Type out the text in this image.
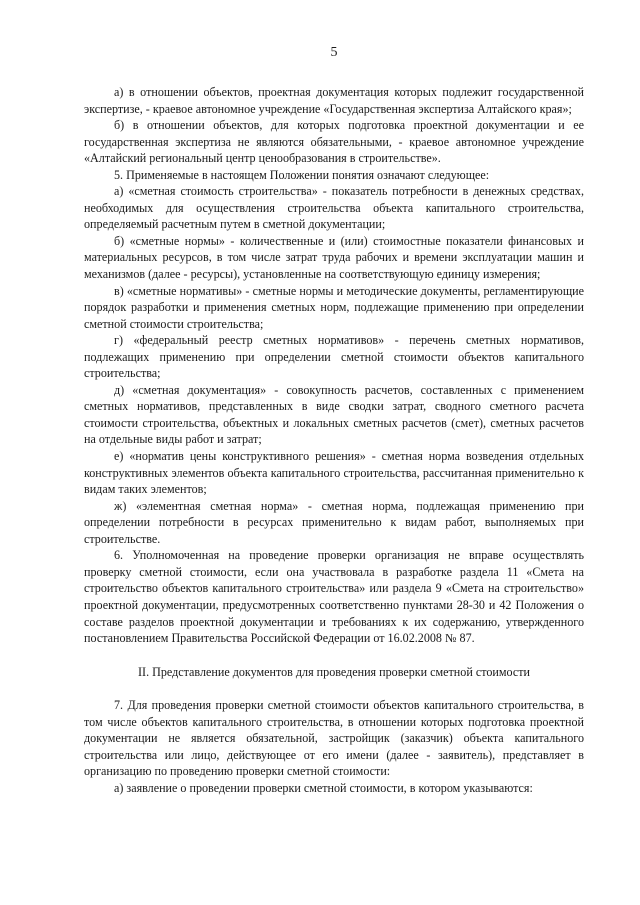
5

а) в отношении объектов, проектная документация которых подлежит государственной экспертизе, - краевое автономное учреждение «Государственная экспертиза Алтайского края»;

б) в отношении объектов, для которых подготовка проектной документации и ее государственная экспертиза не являются обязательными, - краевое автономное учреждение «Алтайский региональный центр ценообразования в строительстве».

5. Применяемые в настоящем Положении понятия означают следующее:

а) «сметная стоимость строительства» - показатель потребности в денежных средствах, необходимых для осуществления строительства объекта капитального строительства, определяемый расчетным путем в сметной документации;

б) «сметные нормы» - количественные и (или) стоимостные показатели финансовых и материальных ресурсов, в том числе затрат труда рабочих и времени эксплуатации машин и механизмов (далее - ресурсы), установленные на соответствующую единицу измерения;

в) «сметные нормативы» - сметные нормы и методические документы, регламентирующие порядок разработки и применения сметных норм, подлежащие применению при определении сметной стоимости строительства;

г) «федеральный реестр сметных нормативов» - перечень сметных нормативов, подлежащих применению при определении сметной стоимости объектов капитального строительства;

д) «сметная документация» - совокупность расчетов, составленных с применением сметных нормативов, представленных в виде сводки затрат, сводного сметного расчета стоимости строительства, объектных и локальных сметных расчетов (смет), сметных расчетов на отдельные виды работ и затрат;

е) «норматив цены конструктивного решения» - сметная норма возведения отдельных конструктивных элементов объекта капитального строительства, рассчитанная применительно к видам таких элементов;

ж) «элементная сметная норма» - сметная норма, подлежащая применению при определении потребности в ресурсах применительно к видам работ, выполняемых при строительстве.

6. Уполномоченная на проведение проверки организация не вправе осуществлять проверку сметной стоимости, если она участвовала в разработке раздела 11 «Смета на строительство объектов капитального строительства» или раздела 9 «Смета на строительство» проектной документации, предусмотренных соответственно пунктами 28-30 и 42 Положения о составе разделов проектной документации и требованиях к их содержанию, утвержденного постановлением Правительства Российской Федерации от 16.02.2008 № 87.

II. Представление документов для проведения проверки сметной стоимости

7. Для проведения проверки сметной стоимости объектов капитального строительства, в том числе объектов капитального строительства, в отношении которых подготовка проектной документации не является обязательной, застройщик (заказчик) объекта капитального строительства или лицо, действующее от его имени (далее - заявитель), представляет в организацию по проведению проверки сметной стоимости:

а) заявление о проведении проверки сметной стоимости, в котором указываются:
